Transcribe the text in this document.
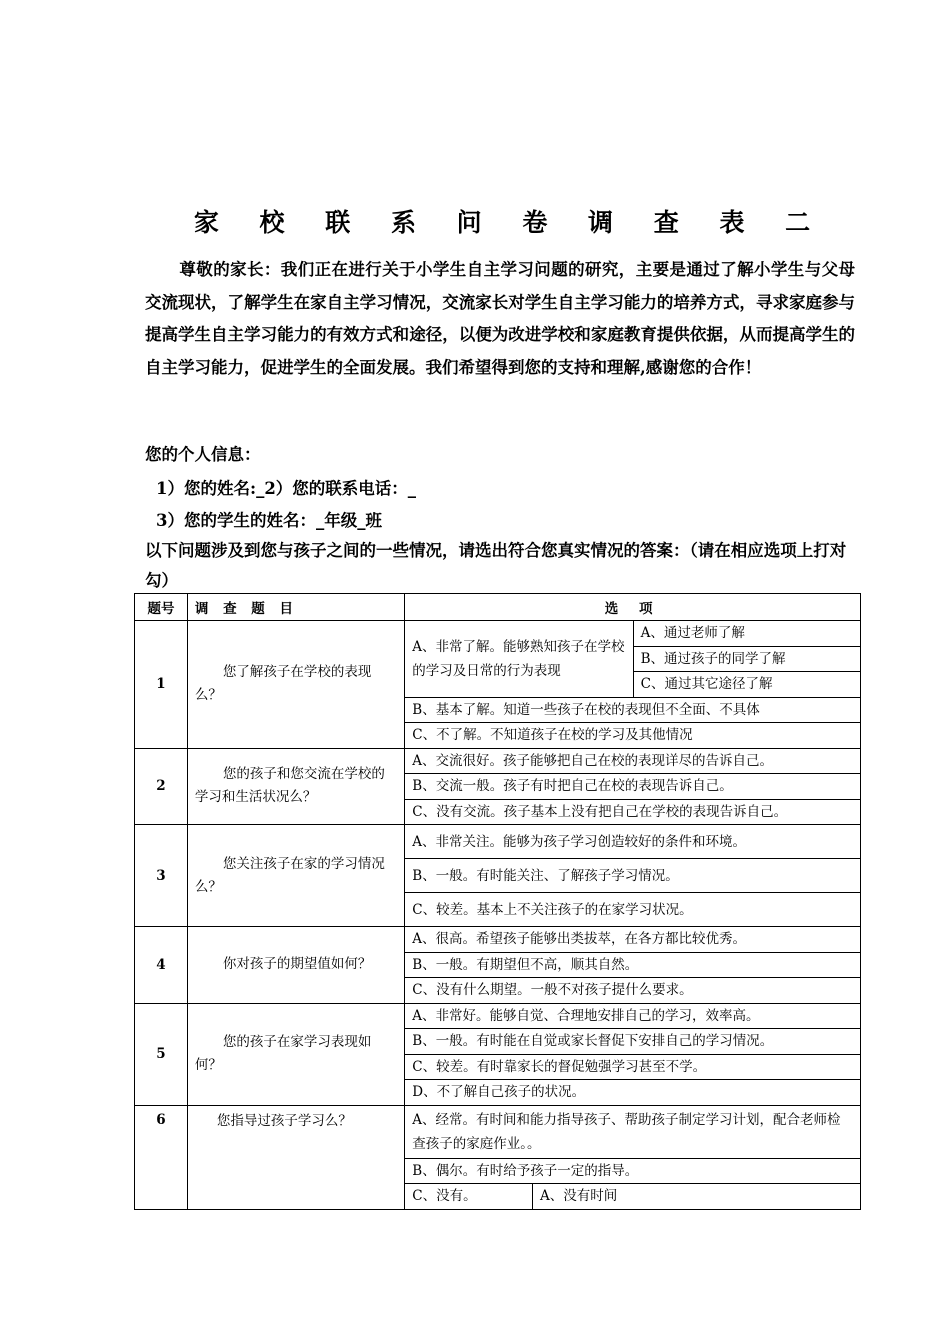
家 校 联 系 问 卷 调 查 表 二

尊敬的家长：我们正在进行关于小学生自主学习问题的研究，主要是通过了解小学生与父母交流现状，了解学生在家自主学习情况，交流家长对学生自主学习能力的培养方式，寻求家庭参与提高学生自主学习能力的有效方式和途径，以便为改进学校和家庭教育提供依据，从而提高学生的自主学习能力，促进学生的全面发展。我们希望得到您的支持和理解,感谢您的合作！

您的个人信息：

1）您的姓名:_2）您的联系电话：_

3）您的学生的姓名：_年级_班

以下问题涉及到您与孩子之间的一些情况，请选出符合您真实情况的答案：（请在相应选项上打对勾）

题号	调 查 题 目	选 项		
1	您了解孩子在学校的表现么？	A、非常了解。能够熟知孩子在学校的学习及日常的行为表现		A、通过老师了解
				B、通过孩子的同学了解
				C、通过其它途径了解
		B、基本了解。知道一些孩子在校的表现但不全面、不具体		
		C、不了解。不知道孩子在校的学习及其他情况		
2	您的孩子和您交流在学校的学习和生活状况么？	A、交流很好。孩子能够把自己在校的表现详尽的告诉自己。		
		B、交流一般。孩子有时把自己在校的表现告诉自己。		
		C、没有交流。孩子基本上没有把自己在学校的表现告诉自己。		
3	您关注孩子在家的学习情况么？	A、非常关注。能够为孩子学习创造较好的条件和环境。		
		B、一般。有时能关注、了解孩子学习情况。		
		C、较差。基本上不关注孩子的在家学习状况。		
4	你对孩子的期望值如何？	A、很高。希望孩子能够出类拔萃，在各方都比较优秀。		
		B、一般。有期望但不高，顺其自然。		
		C、没有什么期望。一般不对孩子提什么要求。		
5	您的孩子在家学习表现如何？	A、非常好。能够自觉、合理地安排自己的学习，效率高。		
		B、一般。有时能在自觉或家长督促下安排自己的学习情况。		
		C、较差。有时靠家长的督促勉强学习甚至不学。		
		D、不了解自己孩子的状况。		
6	您指导过孩子学习么？	A、经常。有时间和能力指导孩子、帮助孩子制定学习计划，配合老师检查孩子的家庭作业。。		
		B、偶尔。有时给予孩子一定的指导。		
		C、没有。	A、没有时间	
